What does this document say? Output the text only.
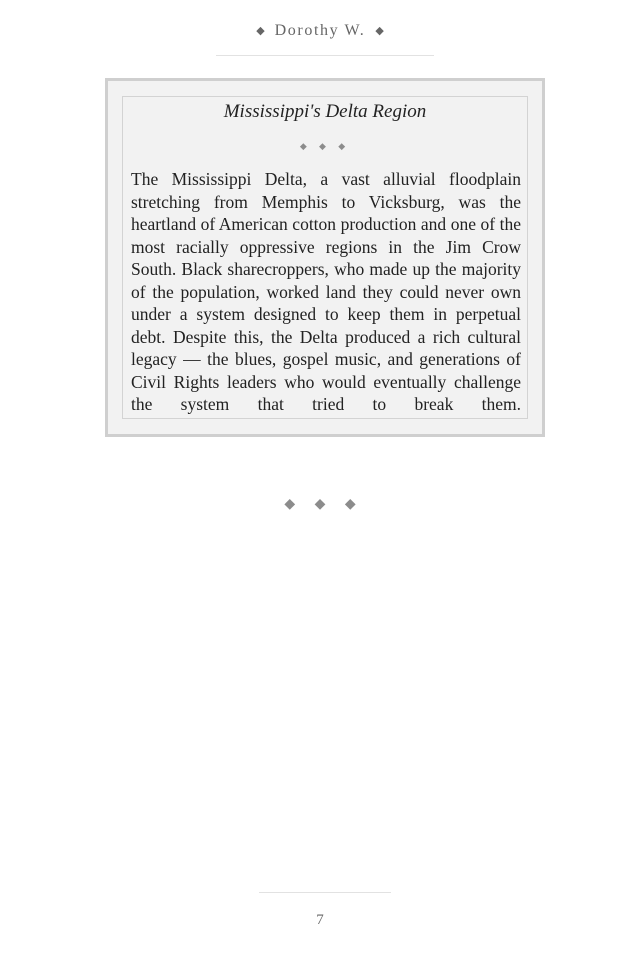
◆ Dorothy W. ◆
Mississippi's Delta Region
◆ ◆ ◆

The Mississippi Delta, a vast alluvial floodplain stretching from Memphis to Vicksburg, was the heartland of American cotton production and one of the most racially oppressive regions in the Jim Crow South. Black sharecroppers, who made up the majority of the population, worked land they could never own under a system designed to keep them in perpetual debt. Despite this, the Delta produced a rich cultural legacy — the blues, gospel music, and generations of Civil Rights leaders who would eventually challenge the system that tried to break them.

◆ ◆ ◆
7
